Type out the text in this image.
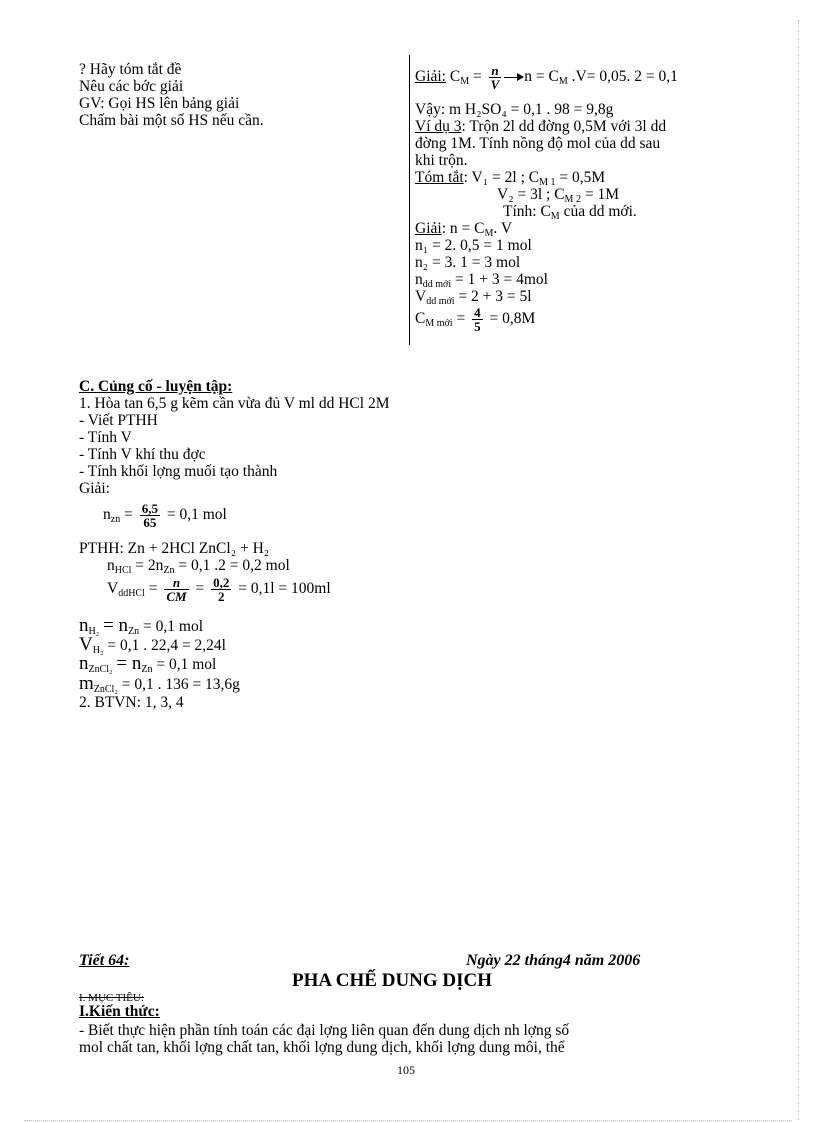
? Hãy tóm tắt đề
Nêu các bớc giải
GV: Gọi HS lên bảng giải
Chấm bài một số HS nếu cần.
Giải: $C_M = \frac{n}{V}$ $n = C_M$ .V= 0,05. 2 = 0,1
Vậy: m H₂SO₄ = 0,1 . 98 = 9,8g
Ví dụ 3: Trộn 2l dd đờng 0,5M với 3l dd
đờng 1M. Tính nồng độ mol của dd sau
khi trộn.
Tóm tắt: V₁ = 2l ; $C_{M 1} = 0,5M$
V₂ = 3l ; $C_{M 2} = 1M$
Tính: $C_M$ của dd mới.
Giải: $n = C_M$. V
n₁ = 2. 0,5 = 1 mol
n₂ = 3. 1 = 3 mol
$n_{dd mới} = 1 + 3 = 4mol$
$V_{dd mới} = 2 + 3 = 5l$
$C_{M mới} = \frac{4}{5} = 0,8M$
C. Củng cố - luyện tập:
1. Hòa tan 6,5 g kẽm cần vừa đủ V ml dd HCl 2M
- Viết PTHH
- Tính V
- Tính V khí thu đợc
- Tính khối lợng muối tạo thành
Giải:
$n_{zn} = \frac{6,5}{65} = 0,1$ mol
PTHH: Zn + 2HCl ZnCl₂ + H₂
$n_{HCl} = 2n_{Zn} = 0,1$ .2 = 0,2 mol
$V_{ddHCl} = \frac{n}{CM} = \frac{0,2}{2} = 0,1l = 100ml$
$n_{H_2} = n_{Zn} = 0,1$ mol
$V_{H_2} = 0,1$ . 22,4 = 2,24l
$n_{ZnCl_2} = n_{Zn} = 0,1$ mol
$m_{ZnCl_2} = 0,1$ . 136 = 13,6g
2. BTVN: 1, 3, 4
Tiết 64:	Ngày 22 tháng4 năm 2006
PHA CHẾ DUNG DỊCH
I. MỤC TIÊU:
I.Kiến thức:
- Biết thực hiện phần tính toán các đại lợng liên quan đến dung dịch nh lợng số
mol chất tan, khối lợng chất tan, khối lợng dung dịch, khối lợng dung môi, thể
105
